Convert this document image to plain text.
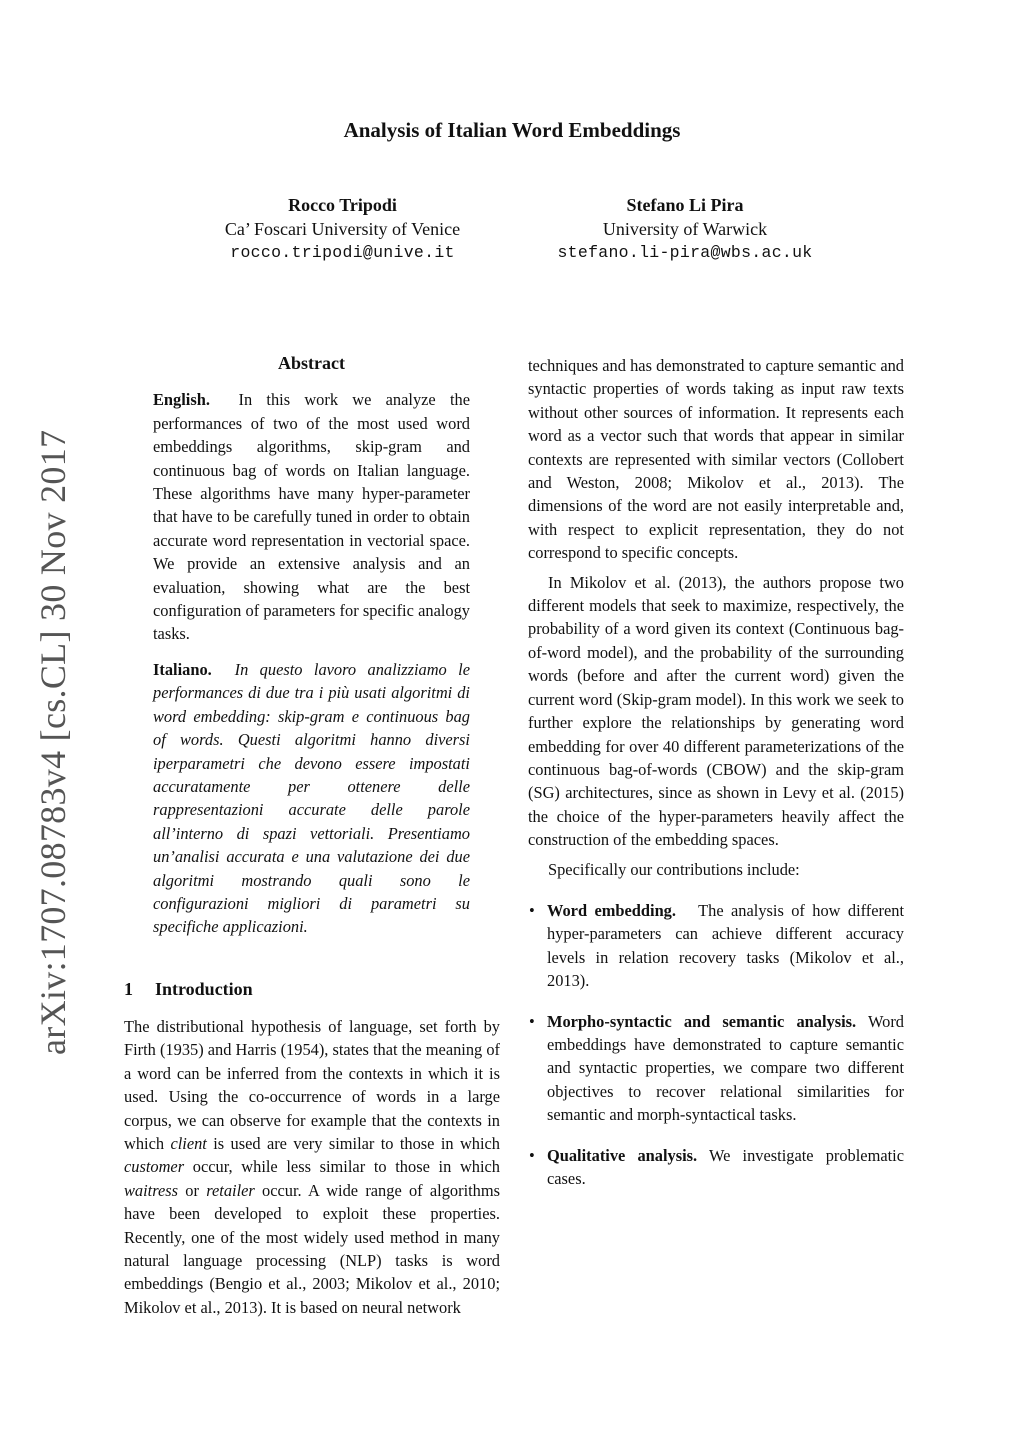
Analysis of Italian Word Embeddings
Rocco Tripodi
Ca’ Foscari University of Venice
rocco.tripodi@unive.it
Stefano Li Pira
University of Warwick
stefano.li-pira@wbs.ac.uk
arXiv:1707.08783v4 [cs.CL] 30 Nov 2017
Abstract

English. In this work we analyze the performances of two of the most used word embeddings algorithms, skip-gram and continuous bag of words on Italian language. These algorithms have many hyper-parameter that have to be carefully tuned in order to obtain accurate word representation in vectorial space. We provide an extensive analysis and an evaluation, showing what are the best configuration of parameters for specific analogy tasks.

Italiano. In questo lavoro analizziamo le performances di due tra i più usati algoritmi di word embedding: skip-gram e continuous bag of words. Questi algoritmi hanno diversi iperparametri che devono essere impostati accuratamente per ottenere delle rappresentazioni accurate delle parole all’interno di spazi vettoriali. Presentiamo un’analisi accurata e una valutazione dei due algoritmi mostrando quali sono le configurazioni migliori di parametri su specifiche applicazioni.

1 Introduction

The distributional hypothesis of language, set forth by Firth (1935) and Harris (1954), states that the meaning of a word can be inferred from the contexts in which it is used. Using the co-occurrence of words in a large corpus, we can observe for example that the contexts in which client is used are very similar to those in which customer occur, while less similar to those in which waitress or retailer occur. A wide range of algorithms have been developed to exploit these properties. Recently, one of the most widely used method in many natural language processing (NLP) tasks is word embeddings (Bengio et al., 2003; Mikolov et al., 2010; Mikolov et al., 2013). It is based on neural network

techniques and has demonstrated to capture semantic and syntactic properties of words taking as input raw texts without other sources of information. It represents each word as a vector such that words that appear in similar contexts are represented with similar vectors (Collobert and Weston, 2008; Mikolov et al., 2013). The dimensions of the word are not easily interpretable and, with respect to explicit representation, they do not correspond to specific concepts.

In Mikolov et al. (2013), the authors propose two different models that seek to maximize, respectively, the probability of a word given its context (Continuous bag-of-word model), and the probability of the surrounding words (before and after the current word) given the current word (Skip-gram model). In this work we seek to further explore the relationships by generating word embedding for over 40 different parameterizations of the continuous bag-of-words (CBOW) and the skip-gram (SG) architectures, since as shown in Levy et al. (2015) the choice of the hyper-parameters heavily affect the construction of the embedding spaces.

Specifically our contributions include:

• Word embedding. The analysis of how different hyper-parameters can achieve different accuracy levels in relation recovery tasks (Mikolov et al., 2013).
• Morpho-syntactic and semantic analysis. Word embeddings have demonstrated to capture semantic and syntactic properties, we compare two different objectives to recover relational similarities for semantic and morph-syntactical tasks.
• Qualitative analysis. We investigate problematic cases.
